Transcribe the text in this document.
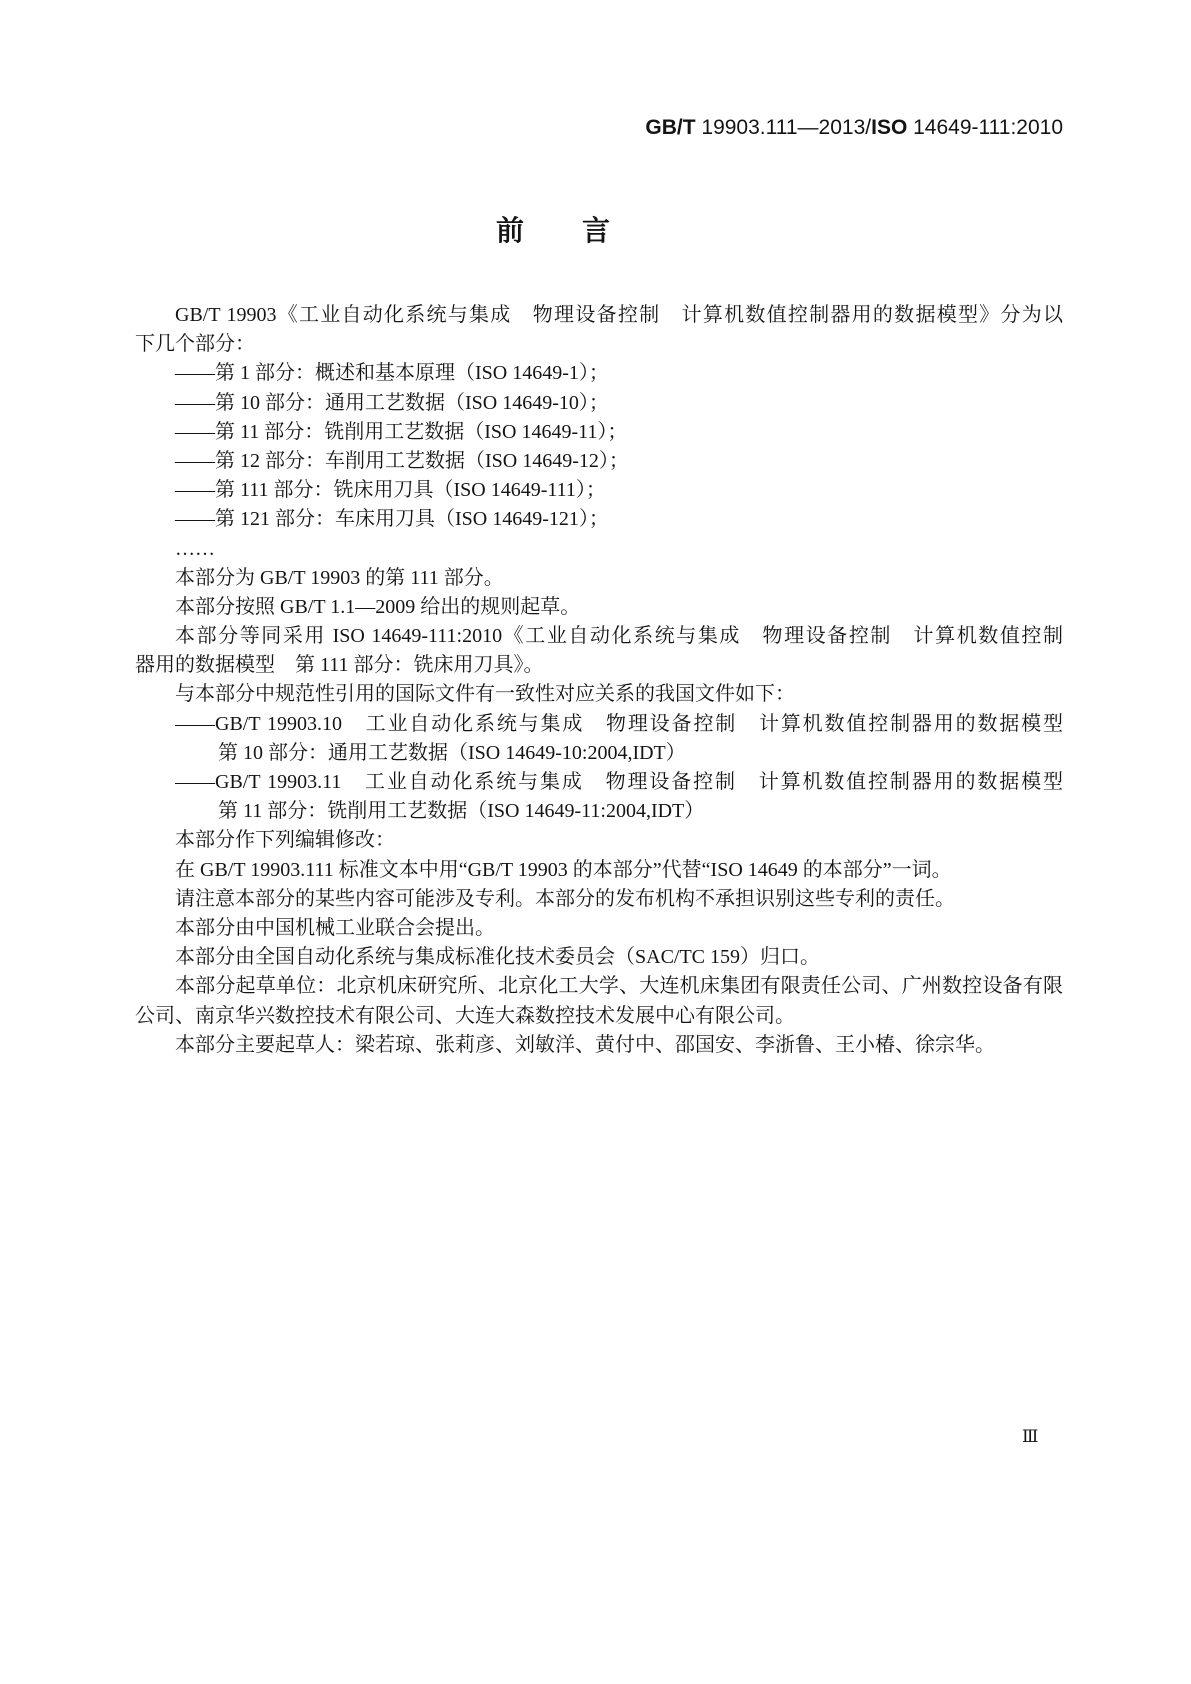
GB/T 19903.111—2013/ISO 14649-111:2010
前　言
GB/T 19903《工业自动化系统与集成　物理设备控制　计算机数值控制器用的数据模型》分为以
下几个部分：
——第 1 部分：概述和基本原理（ISO 14649-1）；
——第 10 部分：通用工艺数据（ISO 14649-10）；
——第 11 部分：铣削用工艺数据（ISO 14649-11）；
——第 12 部分：车削用工艺数据（ISO 14649-12）；
——第 111 部分：铣床用刀具（ISO 14649-111）；
——第 121 部分：车床用刀具（ISO 14649-121）；
……
本部分为 GB/T 19903 的第 111 部分。
本部分按照 GB/T 1.1—2009 给出的规则起草。
本部分等同采用 ISO 14649-111:2010《工业自动化系统与集成　物理设备控制　计算机数值控制
器用的数据模型　第 111 部分：铣床用刀具》。
与本部分中规范性引用的国际文件有一致性对应关系的我国文件如下：
——GB/T 19903.10　工业自动化系统与集成　物理设备控制　计算机数值控制器用的数据模型
第 10 部分：通用工艺数据（ISO 14649-10:2004,IDT）
——GB/T 19903.11　工业自动化系统与集成　物理设备控制　计算机数值控制器用的数据模型
第 11 部分：铣削用工艺数据（ISO 14649-11:2004,IDT）
本部分作下列编辑修改：
在 GB/T 19903.111 标准文本中用“GB/T 19903 的本部分”代替“ISO 14649 的本部分”一词。
请注意本部分的某些内容可能涉及专利。本部分的发布机构不承担识别这些专利的责任。
本部分由中国机械工业联合会提出。
本部分由全国自动化系统与集成标准化技术委员会（SAC/TC 159）归口。
本部分起草单位：北京机床研究所、北京化工大学、大连机床集团有限责任公司、广州数控设备有限
公司、南京华兴数控技术有限公司、大连大森数控技术发展中心有限公司。
本部分主要起草人：梁若琼、张莉彦、刘敏洋、黄付中、邵国安、李浙鲁、王小椿、徐宗华。
Ⅲ
